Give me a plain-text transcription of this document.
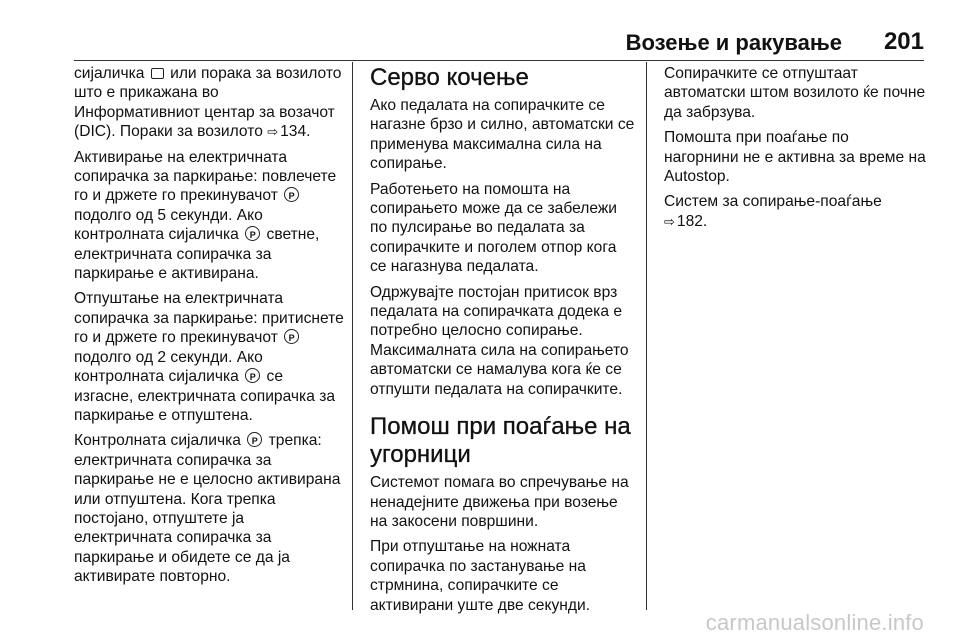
Возење и ракување 201

сијаличка или порака за возилото што е прикажана во Информативниот центар за возачот (DIC). Пораки за возилото ⇨ 134.

Активирање на електричната сопирачка за паркирање: повлечете го и држете го прекинувачот P подолго од 5 секунди. Ако контролната сијаличка P светне, електричната сопирачка за паркирање е активирана.

Отпуштање на електричната сопирачка за паркирање: притиснете го и држете го прекинувачот P подолго од 2 секунди. Ако контролната сијаличка P се изгасне, електричната сопирачка за паркирање е отпуштена.

Контролната сијаличка P трепка: електричната сопирачка за паркирање не е целосно активирана или отпуштена. Кога трепка постојано, отпуштете ја електричната сопирачка за паркирање и обидете се да ја активирате повторно.

Серво кочење

Ако педалата на сопирачките се нагазне брзо и силно, автоматски се применува максимална сила на сопирање.

Работењето на помошта на сопирањето може да се забележи по пулсирање во педалата за сопирачките и поголем отпор кога се нагазнува педалата.

Одржувајте постојан притисок врз педалата на сопирачката додека е потребно целосно сопирање. Максималната сила на сопирањето автоматски се намалува кога ќе се отпушти педалата на сопирачките.

Помош при поаѓање на угорници

Системот помага во спречување на ненадејните движења при возење на закосени површини.

При отпуштање на ножната сопирачка по застанување на стрмнина, сопирачките се активирани уште две секунди.

Сопирачките се отпуштаат автоматски штом возилото ќе почне да забрзува.

Помошта при поаѓање по нагорнини не е активна за време на Autostop.

Систем за сопирање-поаѓање
⇨ 182.

carmanualsonline.info
